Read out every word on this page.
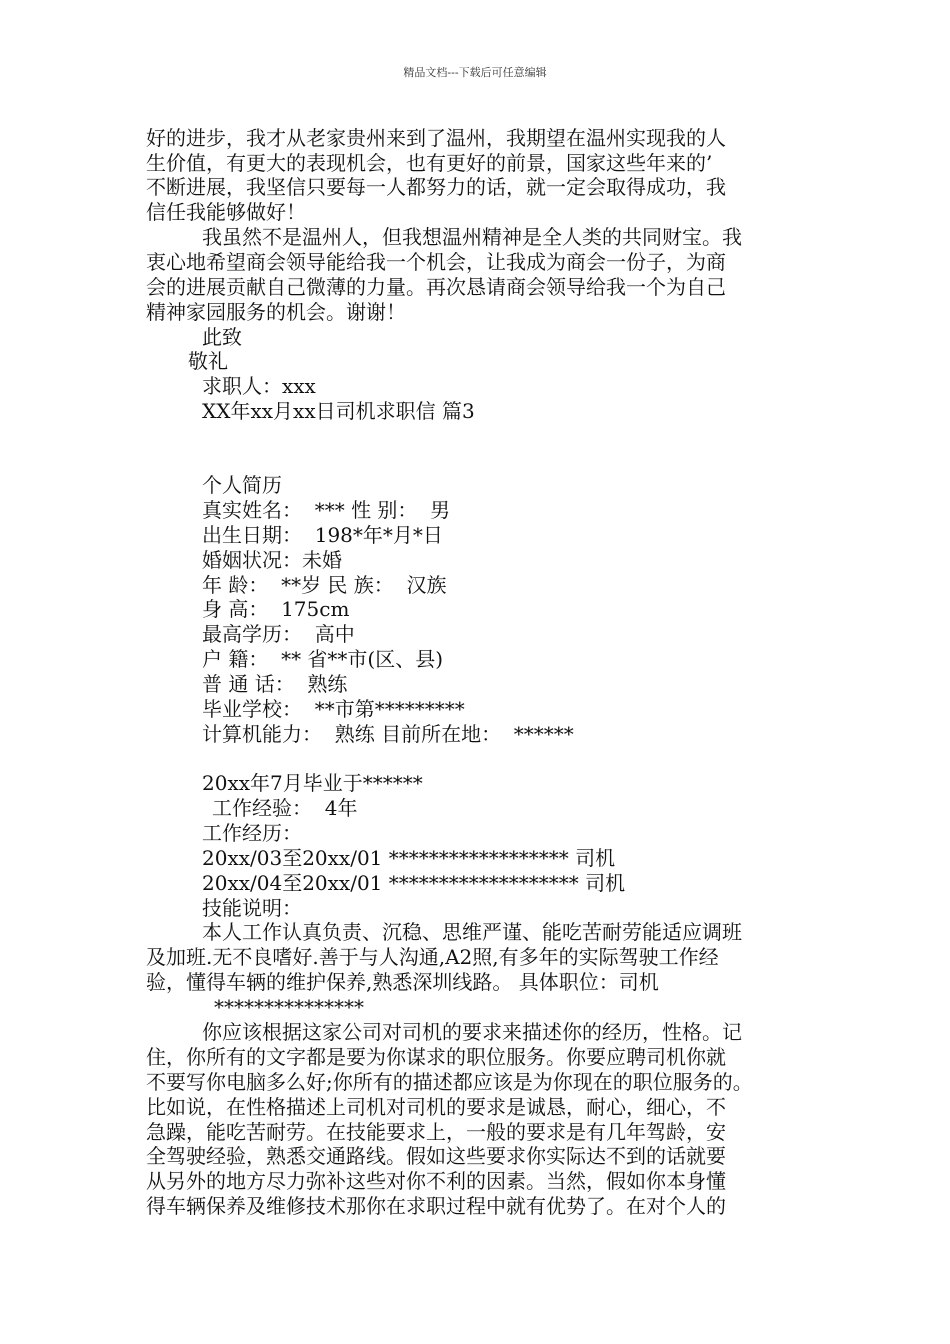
精品文档---下载后可任意编辑
好的进步，我才从老家贵州来到了温州，我期望在温州实现我的人
生价值，有更大的表现机会，也有更好的前景，国家这些年来的’
不断进展，我坚信只要每一人都努力的话，就一定会取得成功，我
信任我能够做好！
我虽然不是温州人，但我想温州精神是全人类的共同财宝。我
衷心地希望商会领导能给我一个机会，让我成为商会一份子，为商
会的进展贡献自己微薄的力量。再次恳请商会领导给我一个为自己
精神家园服务的机会。谢谢！
此致
敬礼
求职人：xxx
XX年xx月xx日司机求职信 篇3
个人简历
真实姓名：  *** 性 别：  男
出生日期：  198*年*月*日
婚姻状况：未婚
年 龄：  **岁 民 族：  汉族
身 高：  175cm
最高学历：  高中
户 籍：  ** 省**市(区、县)
普 通 话：  熟练
毕业学校：  **市第*********
计算机能力：  熟练 目前所在地：  ******
20xx年7月毕业于******
工作经验：  4年
工作经历：
20xx/03至20xx/01 ****************** 司机
20xx/04至20xx/01 ******************* 司机
技能说明：
本人工作认真负责、沉稳、思维严谨、能吃苦耐劳能适应调班
及加班.无不良嗜好.善于与人沟通,A2照,有多年的实际驾驶工作经
验，懂得车辆的维护保养,熟悉深圳线路。 具体职位：司机
***************
你应该根据这家公司对司机的要求来描述你的经历，性格。记
住，你所有的文字都是要为你谋求的职位服务。你要应聘司机你就
不要写你电脑多么好;你所有的描述都应该是为你现在的职位服务的。
比如说，在性格描述上司机对司机的要求是诚恳，耐心，细心，不
急躁，能吃苦耐劳。在技能要求上，一般的要求是有几年驾龄，安
全驾驶经验，熟悉交通路线。假如这些要求你实际达不到的话就要
从另外的地方尽力弥补这些对你不利的因素。当然，假如你本身懂
得车辆保养及维修技术那你在求职过程中就有优势了。在对个人的
